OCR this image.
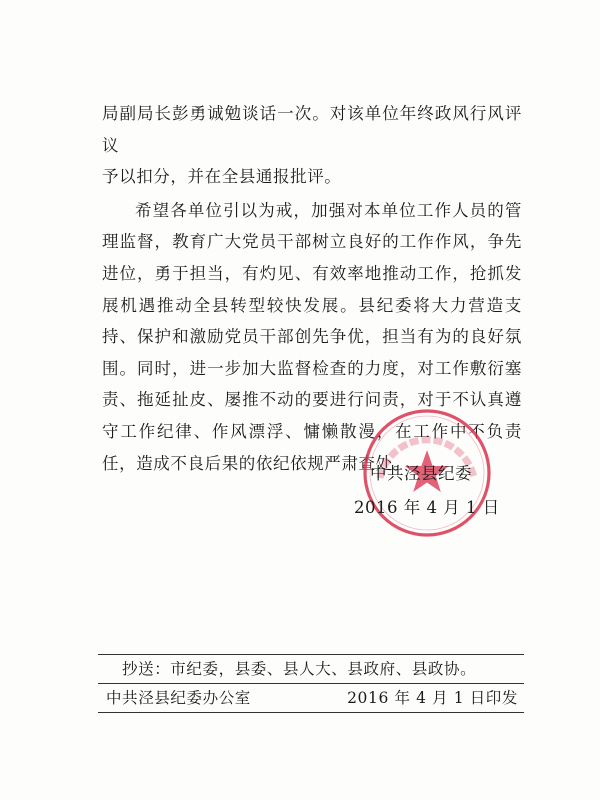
局副局长彭勇诚勉谈话一次。对该单位年终政风行风评议

予以扣分，并在全县通报批评。

希望各单位引以为戒，加强对本单位工作人员的管理监督，教育广大党员干部树立良好的工作作风，争先进位，勇于担当，有灼见、有效率地推动工作，抢抓发展机遇推动全县转型较快发展。县纪委将大力营造支持、保护和激励党员干部创先争优，担当有为的良好氛围。同时，进一步加大监督检查的力度，对工作敷衍塞责、拖延扯皮、屡推不动的要进行问责，对于不认真遵守工作纪律、作风漂浮、慵懒散漫，在工作中不负责任，造成不良后果的依纪依规严肃查处。

中共泾县纪委
2016 年 4 月 1 日
抄送：市纪委，县委、县人大、县政府、县政协。
中共泾县纪委办公室	2016 年 4 月 1 日印发
